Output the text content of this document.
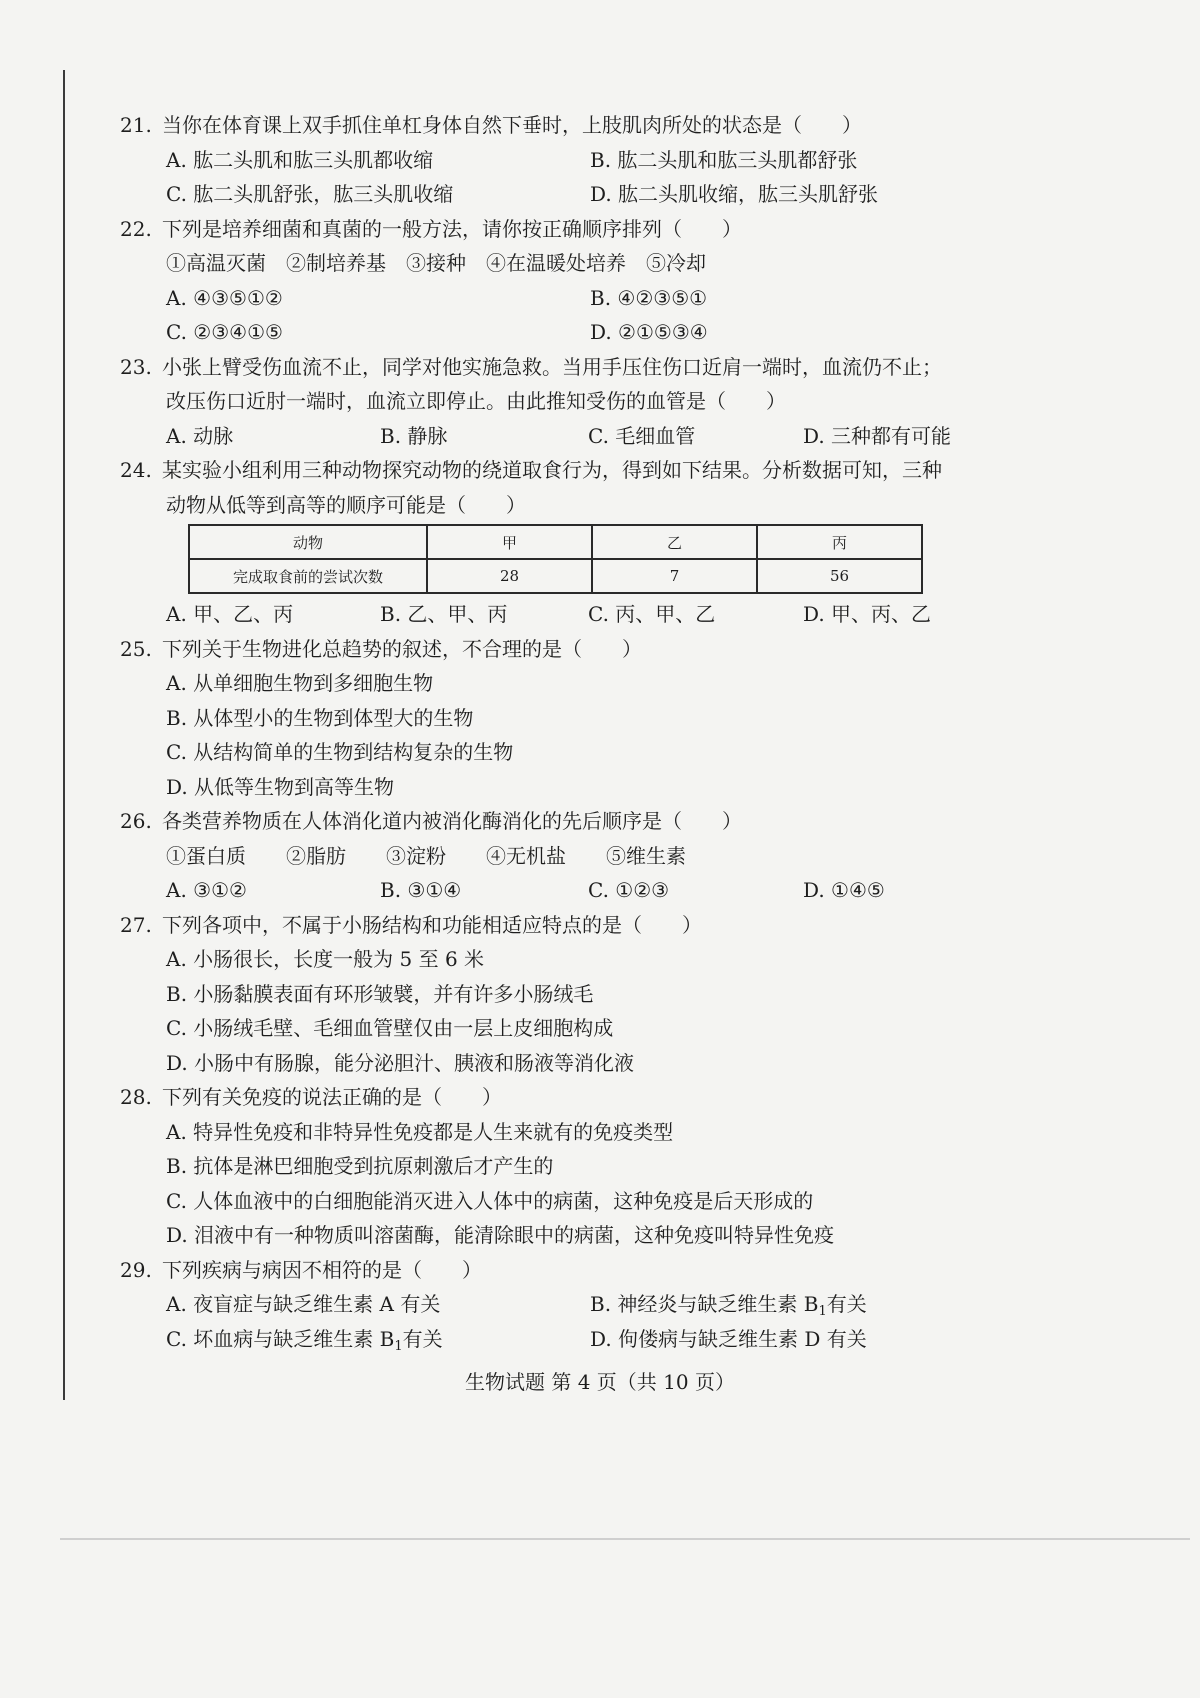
21. 当你在体育课上双手抓住单杠身体自然下垂时，上肢肌肉所处的状态是（　　）
A. 肱二头肌和肱三头肌都收缩	B. 肱二头肌和肱三头肌都舒张
C. 肱二头肌舒张，肱三头肌收缩	D. 肱二头肌收缩，肱三头肌舒张
22. 下列是培养细菌和真菌的一般方法，请你按正确顺序排列（　　）
①高温灭菌　②制培养基　③接种　④在温暖处培养　⑤冷却
A. ④③⑤①②	B. ④②③⑤①
C. ②③④①⑤	D. ②①⑤③④
23. 小张上臂受伤血流不止，同学对他实施急救。当用手压住伤口近肩一端时，血流仍不止；
改压伤口近肘一端时，血流立即停止。由此推知受伤的血管是（　　）
A. 动脉	B. 静脉	C. 毛细血管	D. 三种都有可能
24. 某实验小组利用三种动物探究动物的绕道取食行为，得到如下结果。分析数据可知，三种
动物从低等到高等的顺序可能是（　　）
动物	甲	乙	丙
完成取食前的尝试次数	28	7	56
A. 甲、乙、丙	B. 乙、甲、丙	C. 丙、甲、乙	D. 甲、丙、乙
25. 下列关于生物进化总趋势的叙述，不合理的是（　　）
A. 从单细胞生物到多细胞生物
B. 从体型小的生物到体型大的生物
C. 从结构简单的生物到结构复杂的生物
D. 从低等生物到高等生物
26. 各类营养物质在人体消化道内被消化酶消化的先后顺序是（　　）
①蛋白质　　②脂肪　　③淀粉　　④无机盐　　⑤维生素
A. ③①②	B. ③①④	C. ①②③	D. ①④⑤
27. 下列各项中，不属于小肠结构和功能相适应特点的是（　　）
A. 小肠很长，长度一般为 5 至 6 米
B. 小肠黏膜表面有环形皱襞，并有许多小肠绒毛
C. 小肠绒毛壁、毛细血管壁仅由一层上皮细胞构成
D. 小肠中有肠腺，能分泌胆汁、胰液和肠液等消化液
28. 下列有关免疫的说法正确的是（　　）
A. 特异性免疫和非特异性免疫都是人生来就有的免疫类型
B. 抗体是淋巴细胞受到抗原刺激后才产生的
C. 人体血液中的白细胞能消灭进入人体中的病菌，这种免疫是后天形成的
D. 泪液中有一种物质叫溶菌酶，能清除眼中的病菌，这种免疫叫特异性免疫
29. 下列疾病与病因不相符的是（　　）
A. 夜盲症与缺乏维生素 A 有关	B. 神经炎与缺乏维生素 $B_1$有关
C. 坏血病与缺乏维生素 $B_1$有关	D. 佝偻病与缺乏维生素 D 有关
生物试题 第 4 页（共 10 页）
